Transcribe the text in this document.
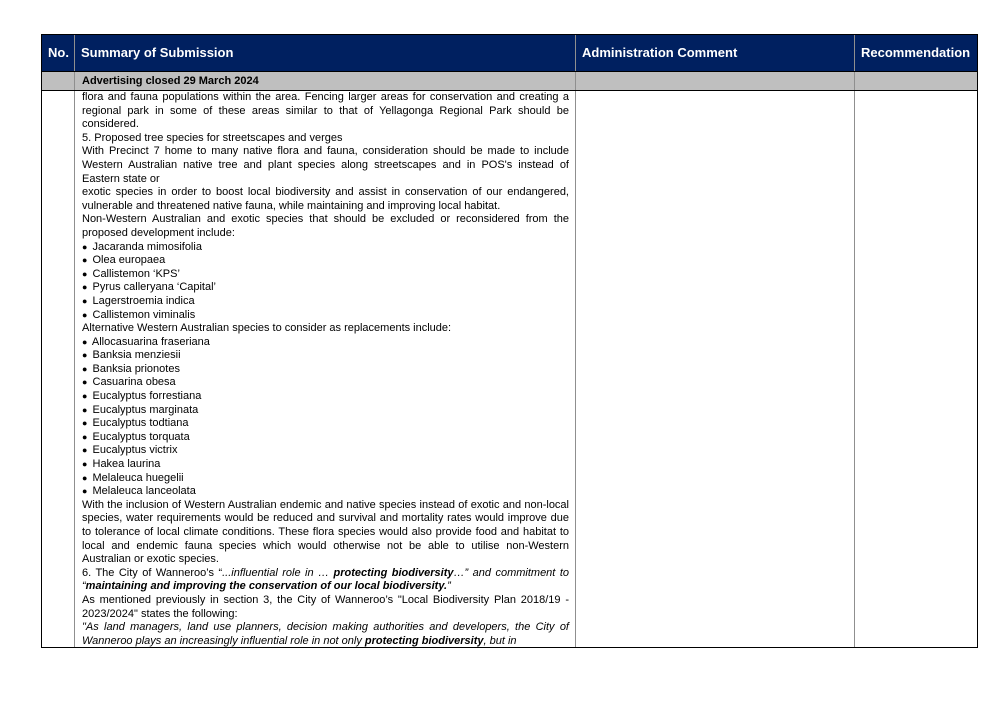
No. Summary of Submission	Administration Comment	Recommendation
Advertising closed 29 March 2024

flora and fauna populations within the area. Fencing larger areas for conservation and creating a regional park in some of these areas similar to that of Yellagonga Regional Park should be considered.

5. Proposed tree species for streetscapes and verges

With Precinct 7 home to many native flora and fauna, consideration should be made to include Western Australian native tree and plant species along streetscapes and in POS's instead of Eastern state or

exotic species in order to boost local biodiversity and assist in conservation of our endangered, vulnerable and threatened native fauna, while maintaining and improving local habitat.

Non-Western Australian and exotic species that should be excluded or reconsidered from the proposed development include:

● Jacaranda mimosifolia
● Olea europaea
● Callistemon ‘KPS’
● Pyrus calleryana ‘Capital’
● Lagerstroemia indica
● Callistemon viminalis

Alternative Western Australian species to consider as replacements include:

● Allocasuarina fraseriana
● Banksia menziesii
● Banksia prionotes
● Casuarina obesa
● Eucalyptus forrestiana
● Eucalyptus marginata
● Eucalyptus todtiana
● Eucalyptus torquata
● Eucalyptus victrix
● Hakea laurina
● Melaleuca huegelii
● Melaleuca lanceolata

With the inclusion of Western Australian endemic and native species instead of exotic and non-local species, water requirements would be reduced and survival and mortality rates would improve due to tolerance of local climate conditions. These flora species would also provide food and habitat to local and endemic fauna species which would otherwise not be able to utilise non-Western Australian or exotic species.

6. The City of Wanneroo’s “...influential role in … protecting biodiversity…” and commitment to “maintaining and improving the conservation of our local biodiversity.”

As mentioned previously in section 3, the City of Wanneroo’s "Local Biodiversity Plan 2018/19 - 2023/2024" states the following:

"As land managers, land use planners, decision making authorities and developers, the City of Wanneroo plays an increasingly influential role in not only protecting biodiversity, but in
